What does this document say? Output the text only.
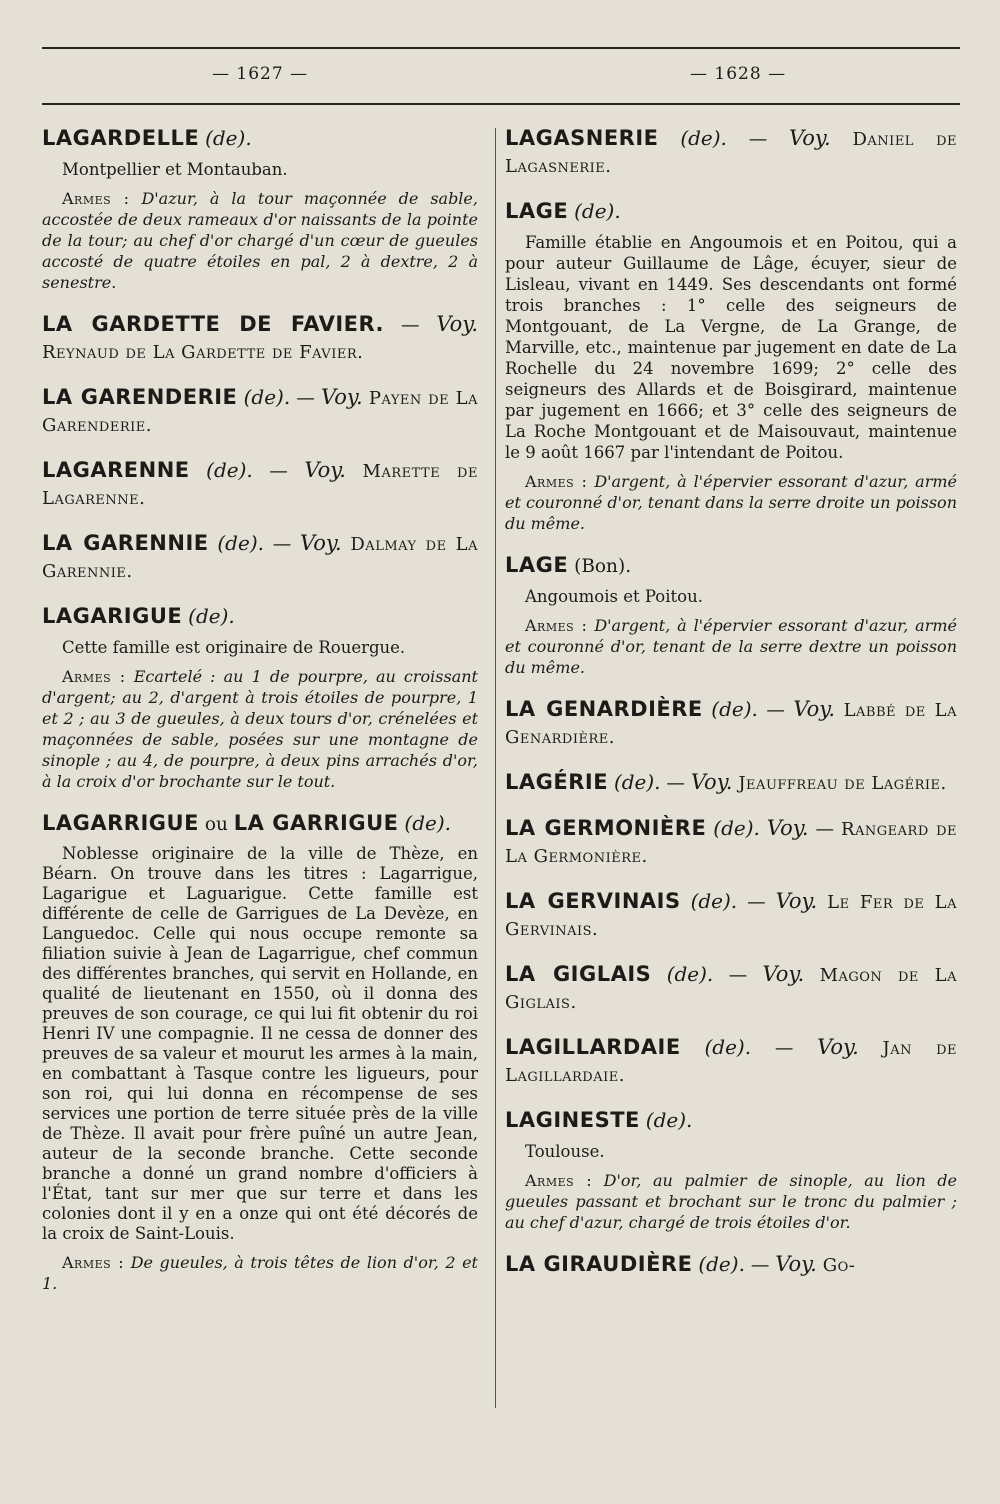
— 1627 —	— 1628 —
LAGARDELLE (de).
Montpellier et Montauban.
Armes : D'azur, à la tour maçonnée de sable, accostée de deux rameaux d'or naissants de la pointe de la tour; au chef d'or chargé d'un cœur de gueules accosté de quatre étoiles en pal, 2 à dextre, 2 à senestre.
LA GARDETTE DE FAVIER. — Voy. Reynaud de La Gardette de Favier.
LA GARENDERIE (de). — Voy. Payen de La Garenderie.
LAGARENNE (de). — Voy. Marette de Lagarenne.
LA GARENNIE (de). — Voy. Dalmay de La Garennie.
LAGARIGUE (de).
Cette famille est originaire de Rouergue.
Armes : Ecartelé : au 1 de pourpre, au croissant d'argent; au 2, d'argent à trois étoiles de pourpre, 1 et 2 ; au 3 de gueules, à deux tours d'or, crénelées et maçonnées de sable, posées sur une montagne de sinople ; au 4, de pourpre, à deux pins arrachés d'or, à la croix d'or brochante sur le tout.
LAGARRIGUE ou LA GARRIGUE (de).
Noblesse originaire de la ville de Thèze, en Béarn. On trouve dans les titres : Lagarrigue, Lagarigue et Laguarigue. Cette famille est différente de celle de Garrigues de La Devèze, en Languedoc. Celle qui nous occupe remonte sa filiation suivie à Jean de Lagarrigue, chef commun des différentes branches, qui servit en Hollande, en qualité de lieutenant en 1550, où il donna des preuves de son courage, ce qui lui fit obtenir du roi Henri IV une compagnie. Il ne cessa de donner des preuves de sa valeur et mourut les armes à la main, en combattant à Tasque contre les ligueurs, pour son roi, qui lui donna en récompense de ses services une portion de terre située près de la ville de Thèze. Il avait pour frère puîné un autre Jean, auteur de la seconde branche. Cette seconde branche a donné un grand nombre d'officiers à l'État, tant sur mer que sur terre et dans les colonies dont il y en a onze qui ont été décorés de la croix de Saint-Louis.
Armes : De gueules, à trois têtes de lion d'or, 2 et 1.
LAGASNERIE (de). — Voy. Daniel de Lagasnerie.
LAGE (de).
Famille établie en Angoumois et en Poitou, qui a pour auteur Guillaume de Lâge, écuyer, sieur de Lisleau, vivant en 1449. Ses descendants ont formé trois branches : 1° celle des seigneurs de Montgouant, de La Vergne, de La Grange, de Marville, etc., maintenue par jugement en date de La Rochelle du 24 novembre 1699; 2° celle des seigneurs des Allards et de Boisgirard, maintenue par jugement en 1666; et 3° celle des seigneurs de La Roche Montgouant et de Maisouvaut, maintenue le 9 août 1667 par l'intendant de Poitou.
Armes : D'argent, à l'épervier essorant d'azur, armé et couronné d'or, tenant dans la serre droite un poisson du même.
LAGE (Bon).
Angoumois et Poitou.
Armes : D'argent, à l'épervier essorant d'azur, armé et couronné d'or, tenant de la serre dextre un poisson du même.
LA GENARDIÈRE (de). — Voy. Labbé de La Genardière.
LAGÉRIE (de). — Voy. Jeauffreau de Lagérie.
LA GERMONIÈRE (de). Voy. — Rangeard de La Germonière.
LA GERVINAIS (de). — Voy. Le Fer de La Gervinais.
LA GIGLAIS (de). — Voy. Magon de La Giglais.
LAGILLARDAIE (de). — Voy. Jan de Lagillardaie.
LAGINESTE (de).
Toulouse.
Armes : D'or, au palmier de sinople, au lion de gueules passant et brochant sur le tronc du palmier ; au chef d'azur, chargé de trois étoiles d'or.
LA GIRAUDIÈRE (de). — Voy. Go-
